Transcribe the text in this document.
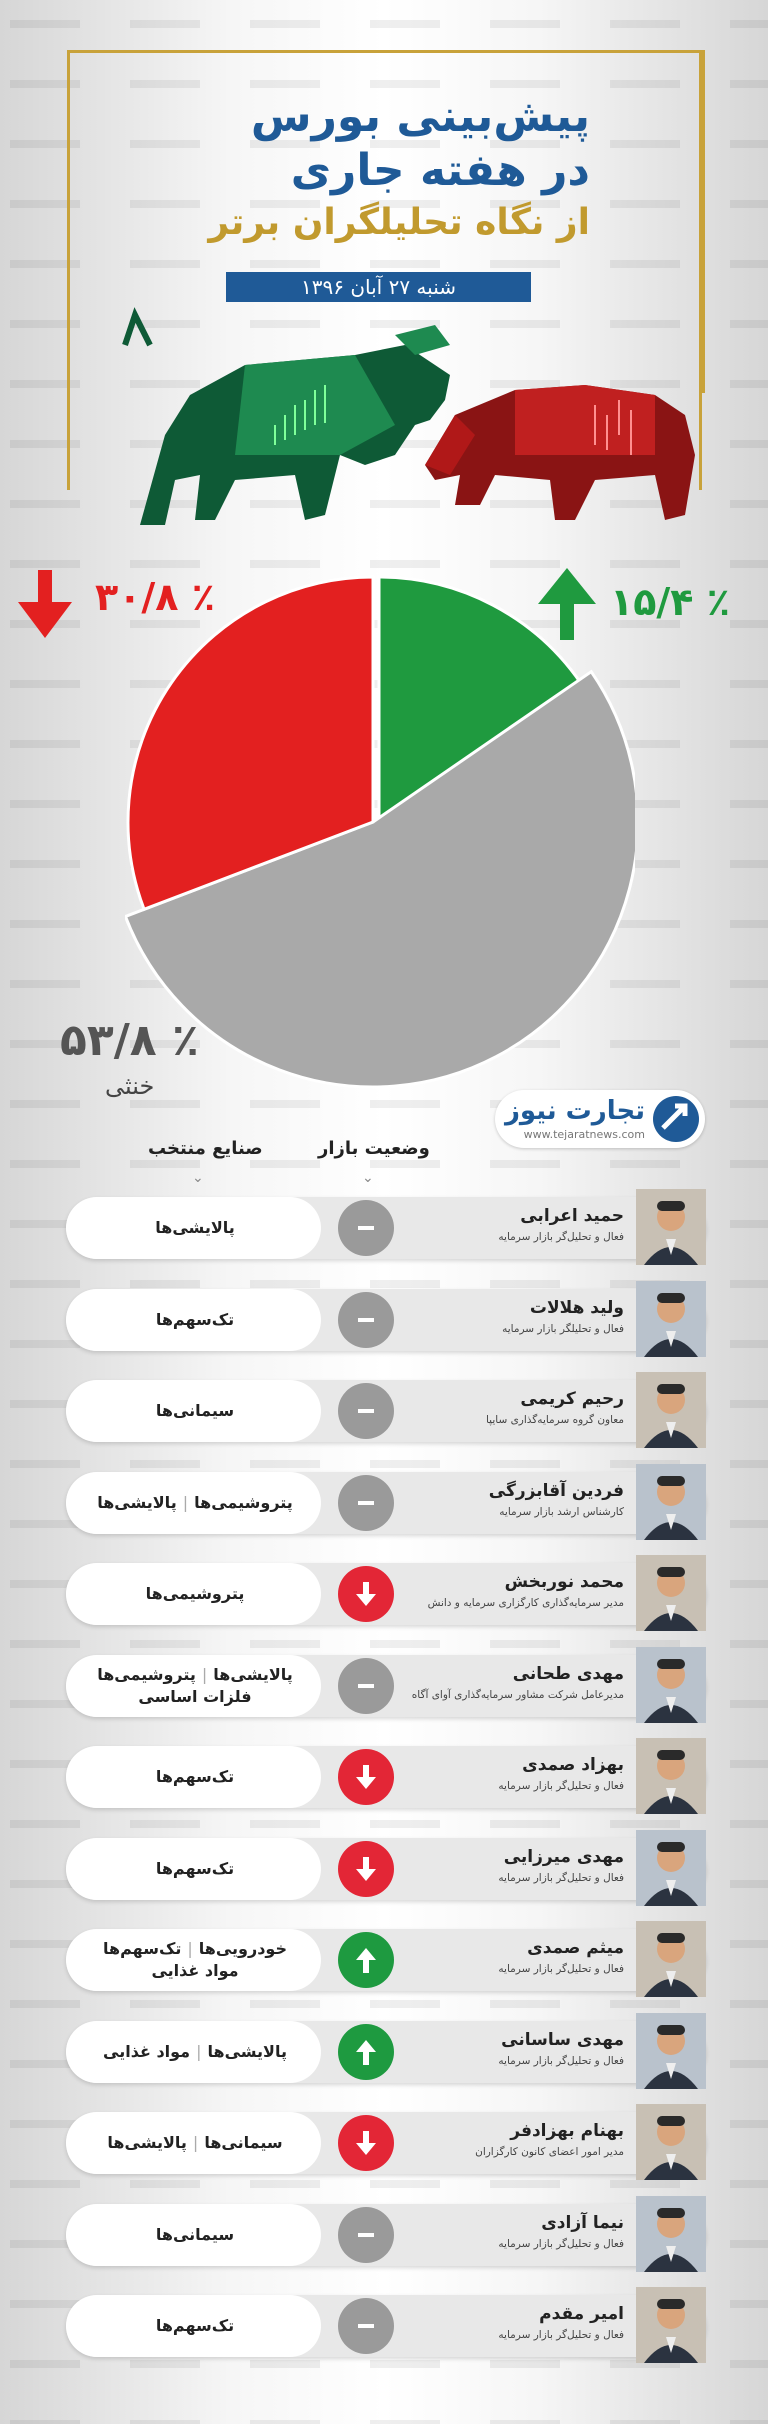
پیش‌بینی بورس
در هفته جاری
از نگاه تحلیلگران برتر
شنبه ۲۷ آبان ۱۳۹۶
۳۰/۸ ٪	۱۵/۴ ٪
۵۳/۸ ٪
خنثی
تجارت نیوز
www.tejaratnews.com
وضعیت بازار
صنایع منتخب
⌄
⌄
پالایشی‌ها
حمید اعرابی
فعال و تحلیل‌گر بازار سرمایه
تک‌سهم‌ها
ولید هلالات
فعال و تحلیلگر بازار سرمایه
سیمانی‌ها
رحیم کریمی
معاون گروه سرمایه‌گذاری سایپا
پتروشیمی‌ها|پالایشی‌ها
فردین آقابزرگی
کارشناس ارشد بازار سرمایه
پتروشیمی‌ها
محمد نوربخش
مدیر سرمایه‌گذاری کارگزاری سرمایه و دانش
پالایشی‌ها|پتروشیمی‌ها
فلزات اساسی
مهدی طحانی
مدیرعامل شرکت مشاور سرمایه‌گذاری آوای آگاه
تک‌سهم‌ها
بهزاد صمدی
فعال و تحلیل‌گر بازار سرمایه
تک‌سهم‌ها
مهدی میرزایی
فعال و تحلیل‌گر بازار سرمایه
خودرویی‌ها|تک‌سهم‌ها
مواد غذایی
میثم صمدی
فعال و تحلیل‌گر بازار سرمایه
پالایشی‌ها|مواد غذایی
مهدی ساسانی
فعال و تحلیل‌گر بازار سرمایه
سیمانی‌ها|پالایشی‌ها
بهنام بهزادفر
مدیر امور اعضای کانون کارگزاران
سیمانی‌ها
نیما آزادی
فعال و تحلیل‌گر بازار سرمایه
تک‌سهم‌ها
امیر مقدم
فعال و تحلیل‌گر بازار سرمایه
